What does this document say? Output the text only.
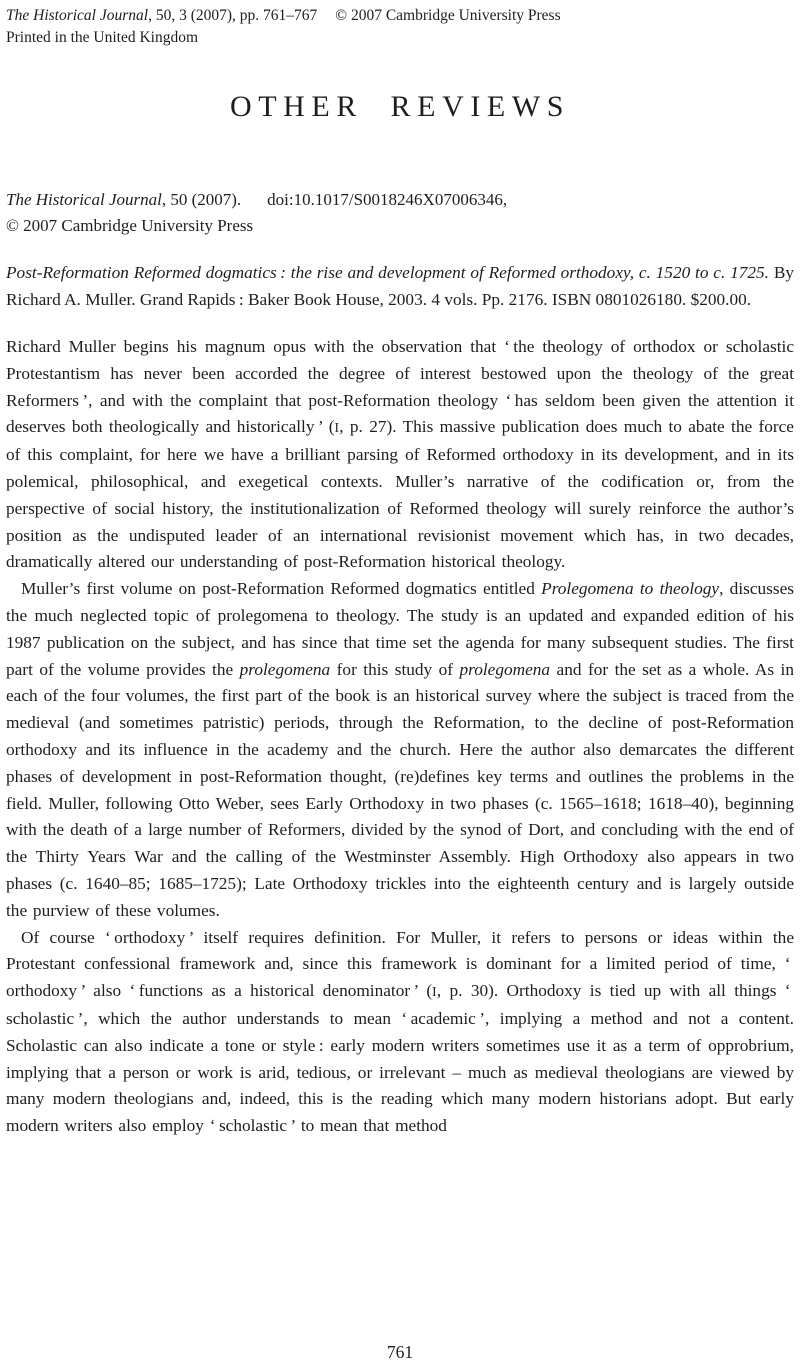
The Historical Journal, 50, 3 (2007), pp. 761–767 © 2007 Cambridge University Press
Printed in the United Kingdom
OTHER REVIEWS
The Historical Journal, 50 (2007). doi:10.1017/S0018246X07006346,
© 2007 Cambridge University Press

Post-Reformation Reformed dogmatics : the rise and development of Reformed orthodoxy, c. 1520 to c. 1725. By Richard A. Muller. Grand Rapids : Baker Book House, 2003. 4 vols. Pp. 2176. ISBN 0801026180. $200.00.

Richard Muller begins his magnum opus with the observation that ‘ the theology of orthodox or scholastic Protestantism has never been accorded the degree of interest bestowed upon the theology of the great Reformers ’, and with the complaint that post-Reformation theology ‘ has seldom been given the attention it deserves both theologically and historically ’ (I, p. 27). This massive publication does much to abate the force of this complaint, for here we have a brilliant parsing of Reformed orthodoxy in its development, and in its polemical, philosophical, and exegetical contexts. Muller’s narrative of the codification or, from the perspective of social history, the institutionalization of Reformed theology will surely reinforce the author’s position as the undisputed leader of an international revisionist movement which has, in two decades, dramatically altered our understanding of post-Reformation historical theology.

Muller’s first volume on post-Reformation Reformed dogmatics entitled Prolegomena to theology, discusses the much neglected topic of prolegomena to theology. The study is an updated and expanded edition of his 1987 publication on the subject, and has since that time set the agenda for many subsequent studies. The first part of the volume provides the prolegomena for this study of prolegomena and for the set as a whole. As in each of the four volumes, the first part of the book is an historical survey where the subject is traced from the medieval (and sometimes patristic) periods, through the Reformation, to the decline of post-Reformation orthodoxy and its influence in the academy and the church. Here the author also demarcates the different phases of development in post-Reformation thought, (re)defines key terms and outlines the problems in the field. Muller, following Otto Weber, sees Early Orthodoxy in two phases (c. 1565–1618; 1618–40), beginning with the death of a large number of Reformers, divided by the synod of Dort, and concluding with the end of the Thirty Years War and the calling of the Westminster Assembly. High Orthodoxy also appears in two phases (c. 1640–85; 1685–1725); Late Orthodoxy trickles into the eighteenth century and is largely outside the purview of these volumes.

Of course ‘ orthodoxy ’ itself requires definition. For Muller, it refers to persons or ideas within the Protestant confessional framework and, since this framework is dominant for a limited period of time, ‘ orthodoxy ’ also ‘ functions as a historical denominator ’ (I, p. 30). Orthodoxy is tied up with all things ‘ scholastic ’, which the author understands to mean ‘ academic ’, implying a method and not a content. Scholastic can also indicate a tone or style : early modern writers sometimes use it as a term of opprobrium, implying that a person or work is arid, tedious, or irrelevant – much as medieval theologians are viewed by many modern theologians and, indeed, this is the reading which many modern historians adopt. But early modern writers also employ ‘ scholastic ’ to mean that method

761
